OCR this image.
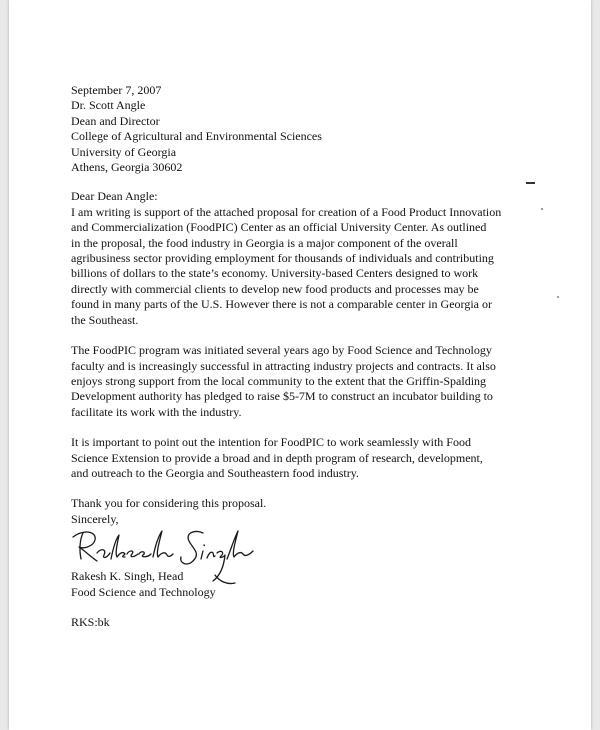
September 7, 2007

Dr. Scott Angle
Dean and Director
College of Agricultural and Environmental Sciences
University of Georgia
Athens, Georgia 30602

Dear Dean Angle:

I am writing is support of the attached proposal for creation of a Food Product Innovation
and Commercialization (FoodPIC) Center as an official University Center. As outlined
in the proposal, the food industry in Georgia is a major component of the overall
agribusiness sector providing employment for thousands of individuals and contributing
billions of dollars to the state’s economy. University-based Centers designed to work
directly with commercial clients to develop new food products and processes may be
found in many parts of the U.S. However there is not a comparable center in Georgia or
the Southeast.
The FoodPIC program was initiated several years ago by Food Science and Technology
faculty and is increasingly successful in attracting industry projects and contracts. It also
enjoys strong support from the local community to the extent that the Griffin-Spalding
Development authority has pledged to raise $5-7M to construct an incubator building to
facilitate its work with the industry.
It is important to point out the intention for FoodPIC to work seamlessly with Food
Science Extension to provide a broad and in depth program of research, development,
and outreach to the Georgia and Southeastern food industry.

Thank you for considering this proposal.

Sincerely,

Rakesh K. Singh, Head
Food Science and Technology

RKS:bk
